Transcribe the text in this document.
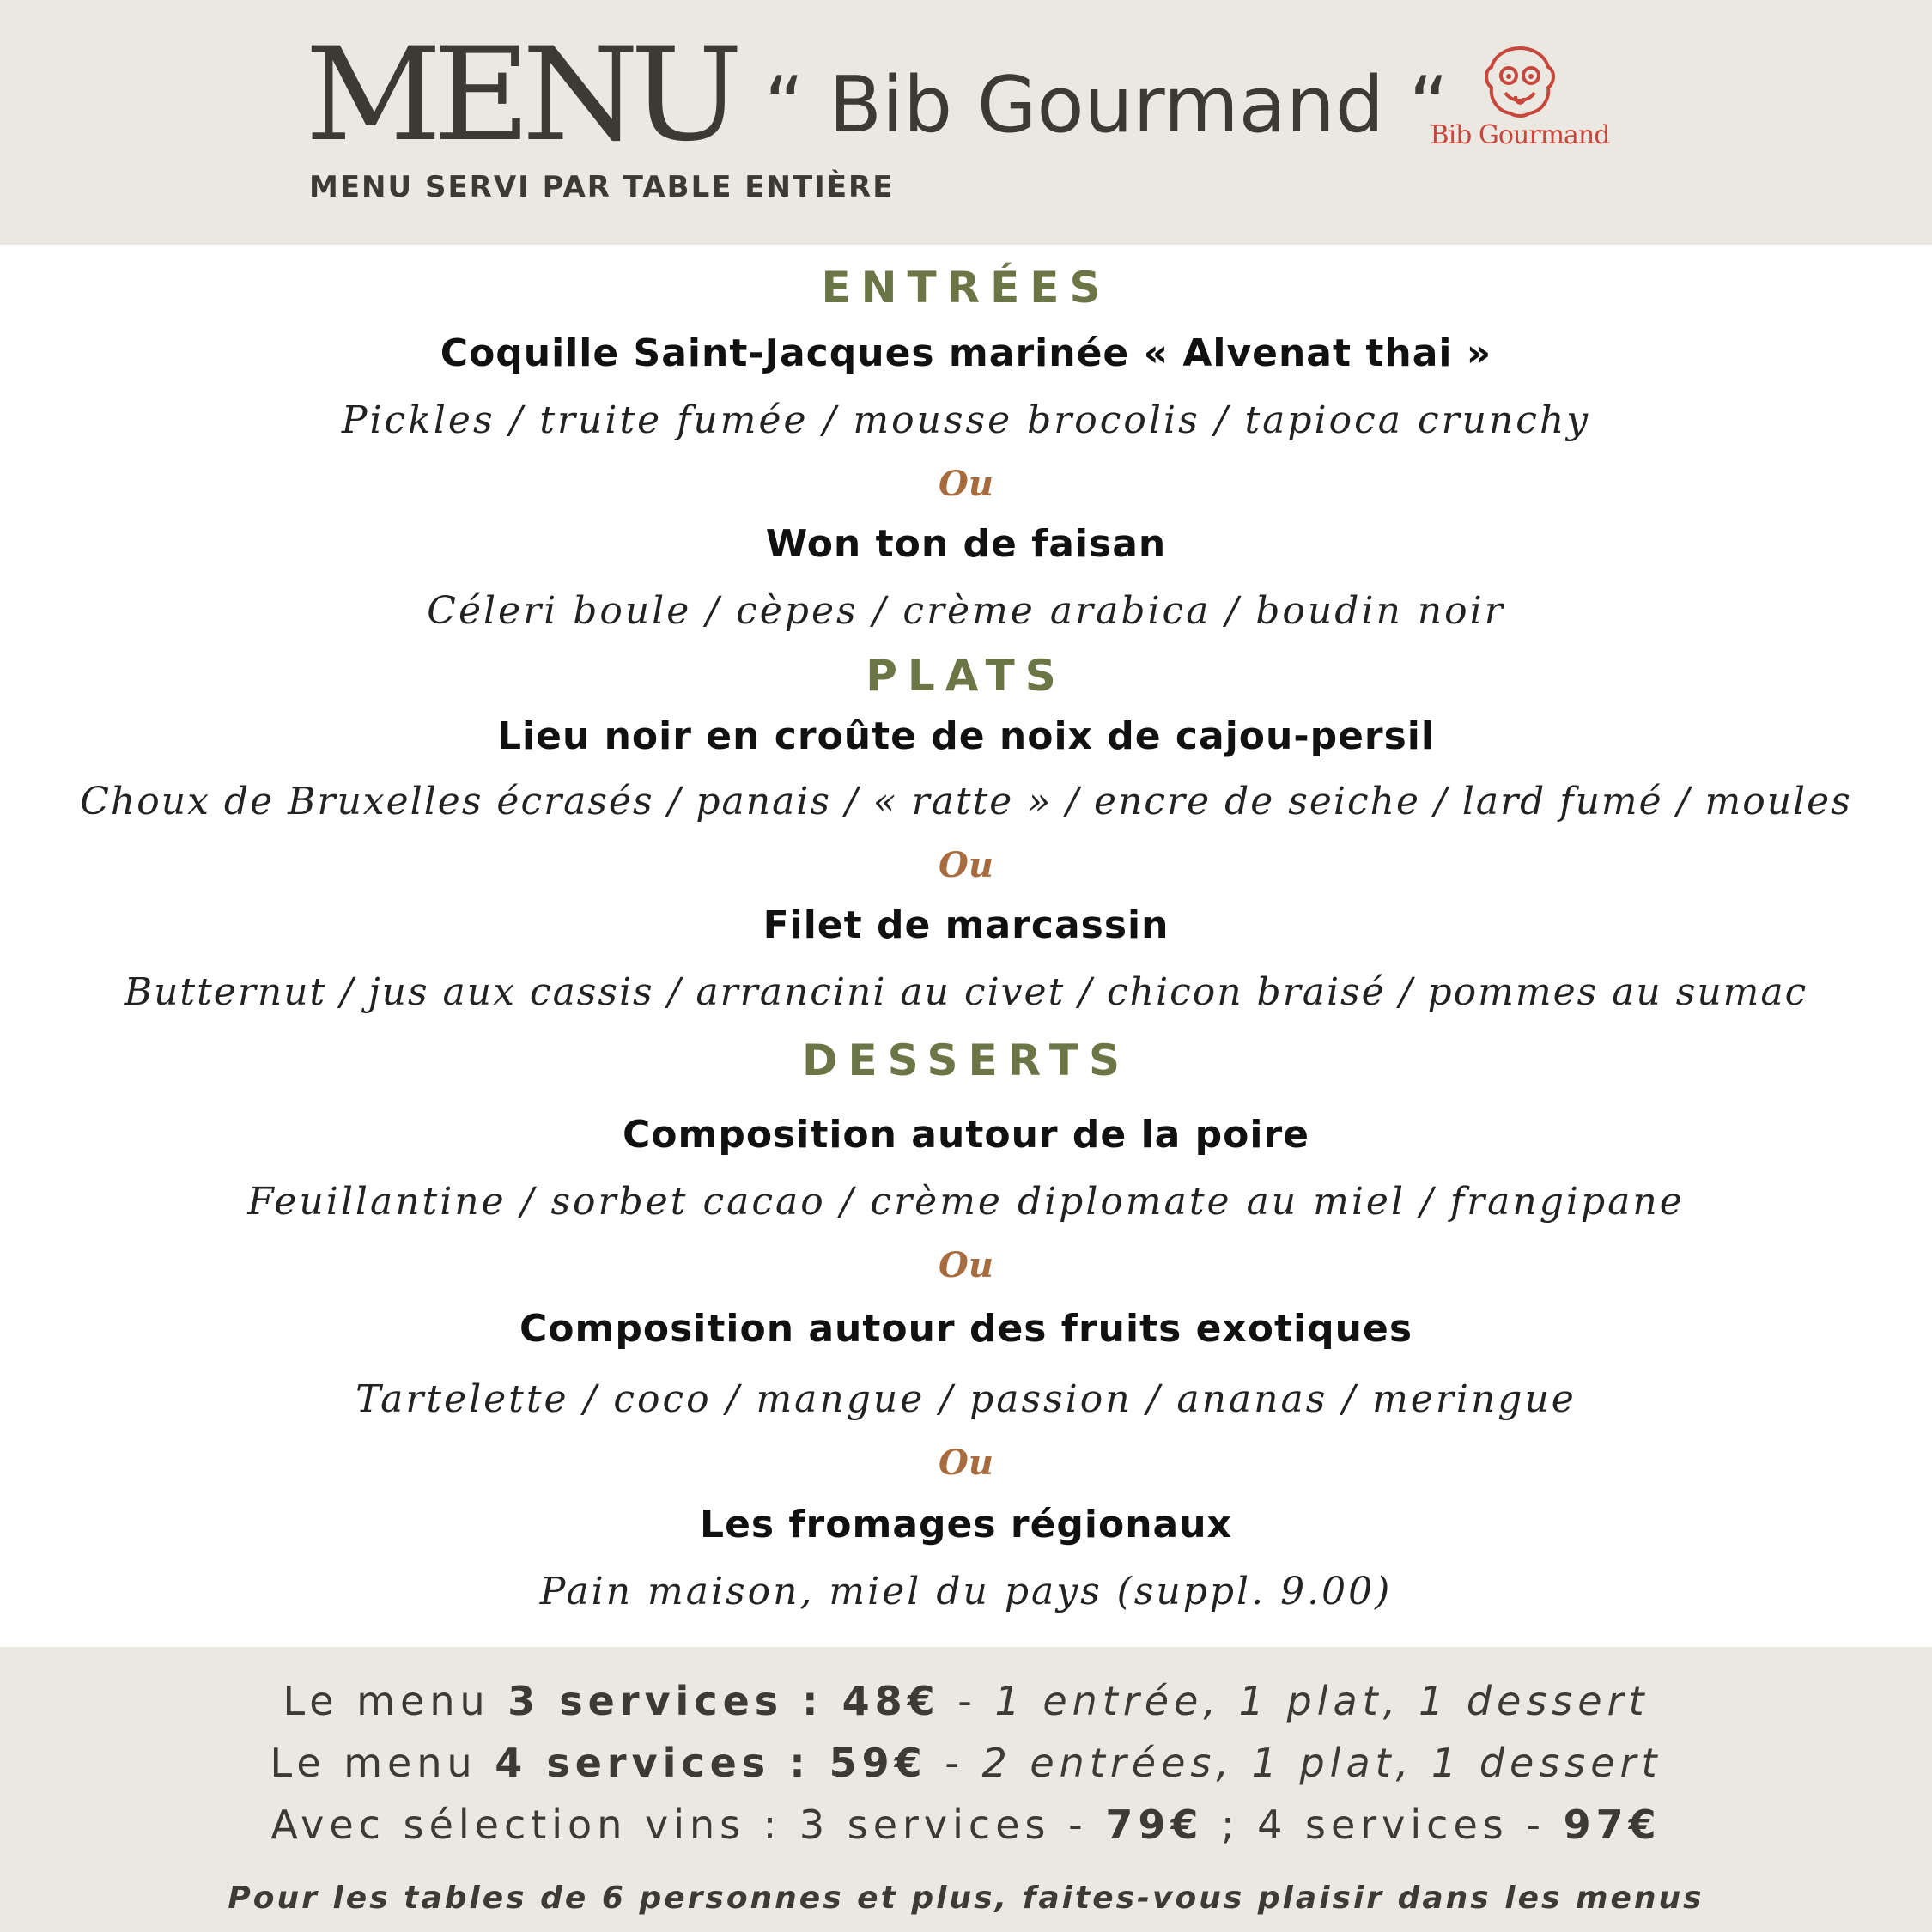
MENU “ Bib Gourmand “
MENU SERVI PAR TABLE ENTIÈRE
Bib Gourmand
ENTRÉES
Coquille Saint-Jacques marinée « Alvenat thai »
Pickles / truite fumée / mousse brocolis / tapioca crunchy
Ou
Won ton de faisan
Céleri boule / cèpes / crème arabica / boudin noir
PLATS
Lieu noir en croûte de noix de cajou-persil
Choux de Bruxelles écrasés / panais / « ratte » / encre de seiche / lard fumé / moules
Ou
Filet de marcassin
Butternut / jus aux cassis / arrancini au civet / chicon braisé / pommes au sumac
DESSERTS
Composition autour de la poire
Feuillantine / sorbet cacao / crème diplomate au miel / frangipane
Ou
Composition autour des fruits exotiques
Tartelette / coco / mangue / passion / ananas / meringue
Ou
Les fromages régionaux
Pain maison, miel du pays (suppl. 9.00)
Le menu 3 services : 48€ - 1 entrée, 1 plat, 1 dessert
Le menu 4 services : 59€ - 2 entrées, 1 plat, 1 dessert
Avec sélection vins : 3 services - 79€ ; 4 services - 97€
Pour les tables de 6 personnes et plus, faites-vous plaisir dans les menus
